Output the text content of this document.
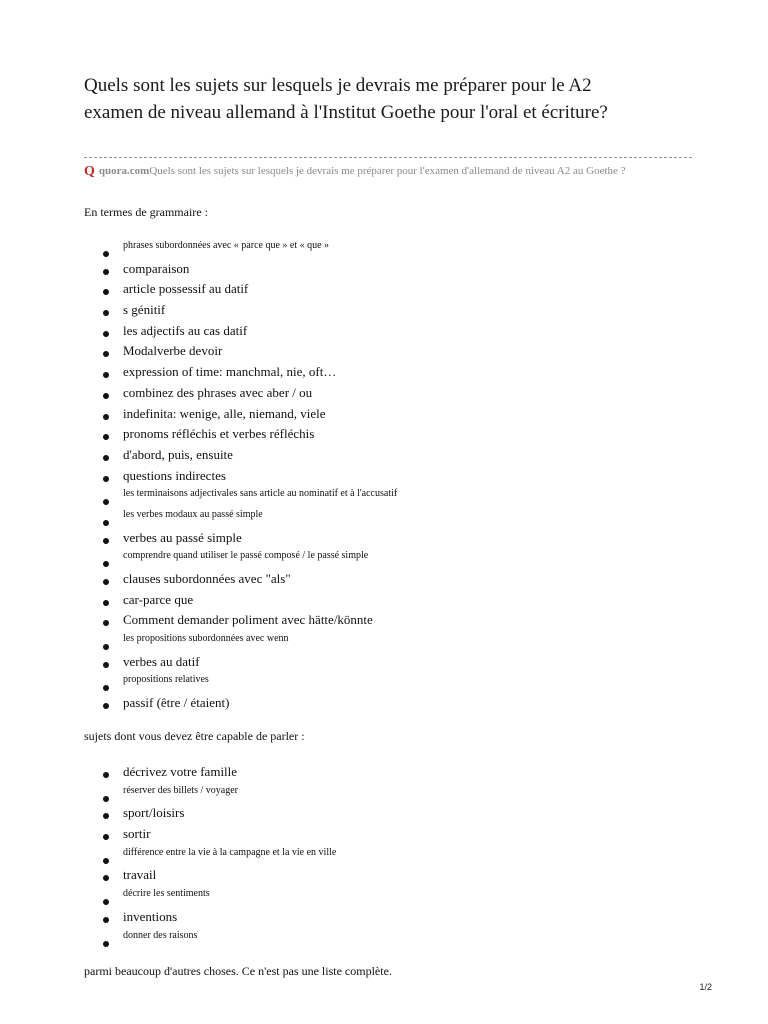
Quels sont les sujets sur lesquels je devrais me préparer pour le A2 examen de niveau allemand à l'Institut Goethe pour l'oral et écriture?
Q quora.comQuels sont les sujets sur lesquels je devrais me préparer pour l'examen d'allemand de niveau A2 au Goethe ?
En termes de grammaire :
phrases subordonnées avec « parce que » et « que »
comparaison
article possessif au datif
s génitif
les adjectifs au cas datif
Modalverbe devoir
expression of time: manchmal, nie, oft…
combinez des phrases avec aber / ou
indefinita: wenige, alle, niemand, viele
pronoms réfléchis et verbes réfléchis
d'abord, puis, ensuite
questions indirectes
les terminaisons adjectivales sans article au nominatif et à l'accusatif
les verbes modaux au passé simple
verbes au passé simple
comprendre quand utiliser le passé composé / le passé simple
clauses subordonnées avec "als"
car-parce que
Comment demander poliment avec hätte/könnte
les propositions subordonnées avec wenn
verbes au datif
propositions relatives
passif (être / étaient)
sujets dont vous devez être capable de parler :
décrivez votre famille
réserver des billets / voyager
sport/loisirs
sortir
différence entre la vie à la campagne et la vie en ville
travail
décrire les sentiments
inventions
donner des raisons
parmi beaucoup d'autres choses. Ce n'est pas une liste complète.
1/2
